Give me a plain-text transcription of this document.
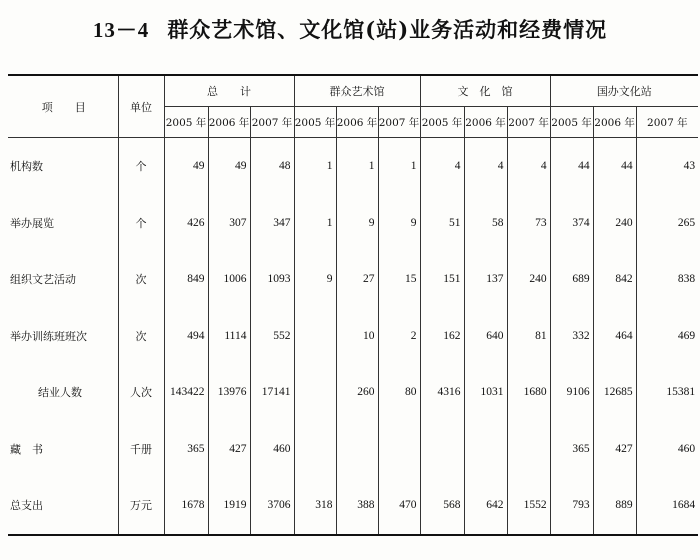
13－4 群众艺术馆、文化馆(站)业务活动和经费情况
项　　目	单位	总　　计			群众艺术馆			文　化　馆			国办文化站		
		2005 年	2006 年	2007 年	2005 年	2006 年	2007 年	2005 年	2006 年	2007 年	2005 年	2006 年	2007 年
机构数	个	49	49	48	1	1	1	4	4	4	44	44	43
举办展览	个	426	307	347	1	9	9	51	58	73	374	240	265
组织文艺活动	次	849	1006	1093	9	27	15	151	137	240	689	842	838
举办训练班班次	次	494	1114	552		10	2	162	640	81	332	464	469
结业人数	人次	143422	13976	17141		260	80	4316	1031	1680	9106	12685	15381
藏　书	千册	365	427	460							365	427	460
总支出	万元	1678	1919	3706	318	388	470	568	642	1552	793	889	1684
